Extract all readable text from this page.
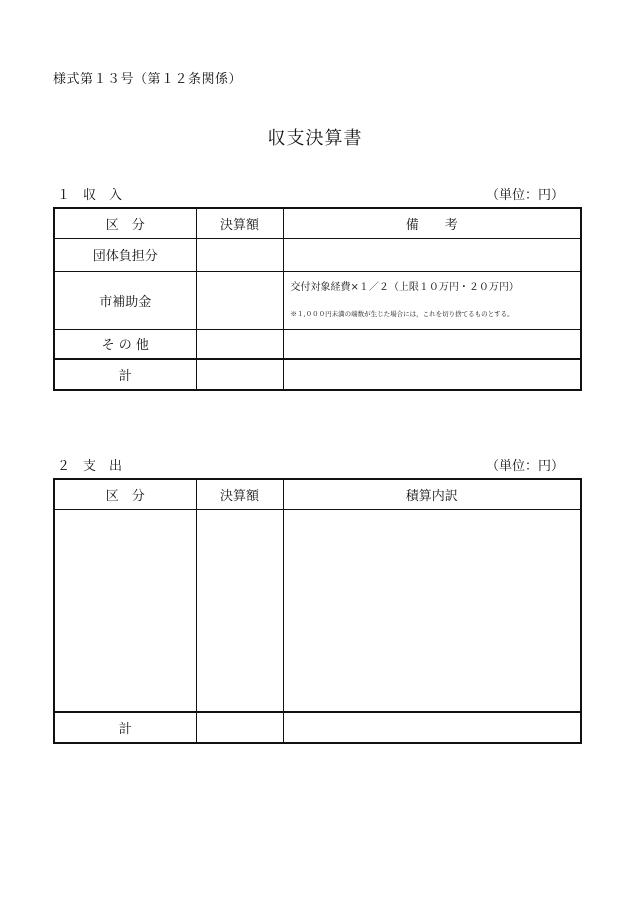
様式第１３号（第１２条関係）
収支決算書
１　収　入	（単位：円）
区　分	決算額	備　　考
団体負担分		
市補助金		交付対象経費×１／２（上限１０万円・２０万円）
※１,０００円未満の端数が生じた場合には，これを切り捨てるものとする。

そ の 他		
計		
２　支　出	（単位：円）
区　分	決算額	積算内訳

計		
